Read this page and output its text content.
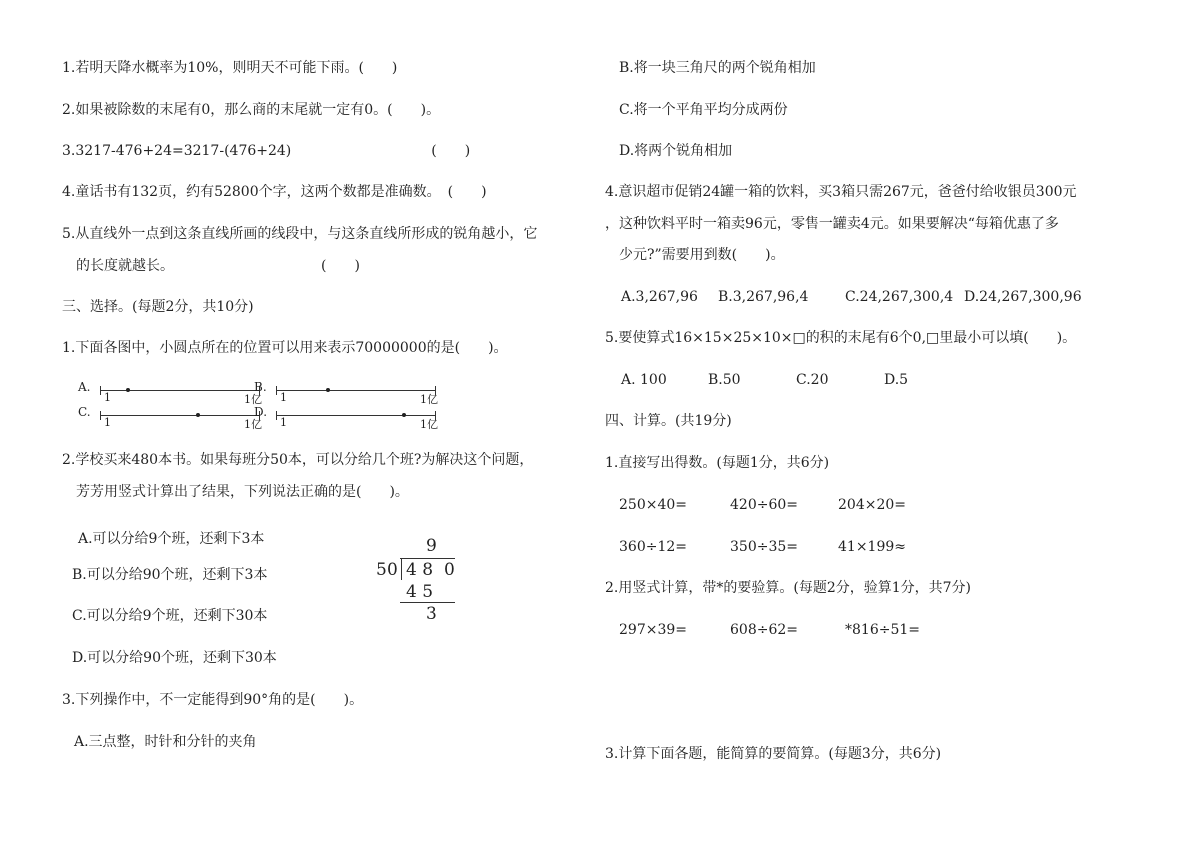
1.若明天降水概率为10%，则明天不可能下雨。(　　)
2.如果被除数的末尾有0，那么商的末尾就一定有0。(　　)。
3.3217-476+24=3217-(476+24)　　　　　　　　　　(　　)
4.童话书有132页，约有52800个字，这两个数都是准确数。　(　　)
5.从直线外一点到这条直线所画的线段中，与这条直线所形成的锐角越小，它
的长度就越长。　　　　　　　　　　　(　　)
三、选择。(每题2分，共10分)
1.下面各图中，小圆点所在的位置可以用来表示70000000的是(　　)。
A.
1	1亿
B.
1	1亿
C.
1	1亿
D.
1	1亿
2.学校买来480本书。如果每班分50本，可以分给几个班?为解决这个问题，
芳芳用竖式计算出了结果，下列说法正确的是(　　)。
A.可以分给9个班，还剩下3本
B.可以分给90个班，还剩下3本
C.可以分给9个班，还剩下30本
D.可以分给90个班，还剩下30本
9
5 0 4 8 0
4 5
3
3.下列操作中，不一定能得到90°角的是(　　)。
A.三点整，时针和分针的夹角
B.将一块三角尺的两个锐角相加
C.将一个平角平均分成两份
D.将两个锐角相加
4.意识超市促销24罐一箱的饮料，买3箱只需267元，爸爸付给收银员300元
，这种饮料平时一箱卖96元，零售一罐卖4元。如果要解决“每箱优惠了多
少元?”需要用到数(　　)。
A.3,267,96 B.3,267,96,4	C.24,267,300,4 D.24,267,300,96
5.要使算式16×15×25×10×□的积的末尾有6个0,□里最小可以填(　　)。
A. 100	B.50	C.20	D.5
四、计算。(共19分)
1.直接写出得数。(每题1分，共6分)
250×40=	420÷60=	204×20=
360÷12=	350÷35=	41×199≈
2.用竖式计算，带*的要验算。(每题2分，验算1分，共7分)
297×39=	608÷62=	*816÷51=
3.计算下面各题，能简算的要简算。(每题3分，共6分)
